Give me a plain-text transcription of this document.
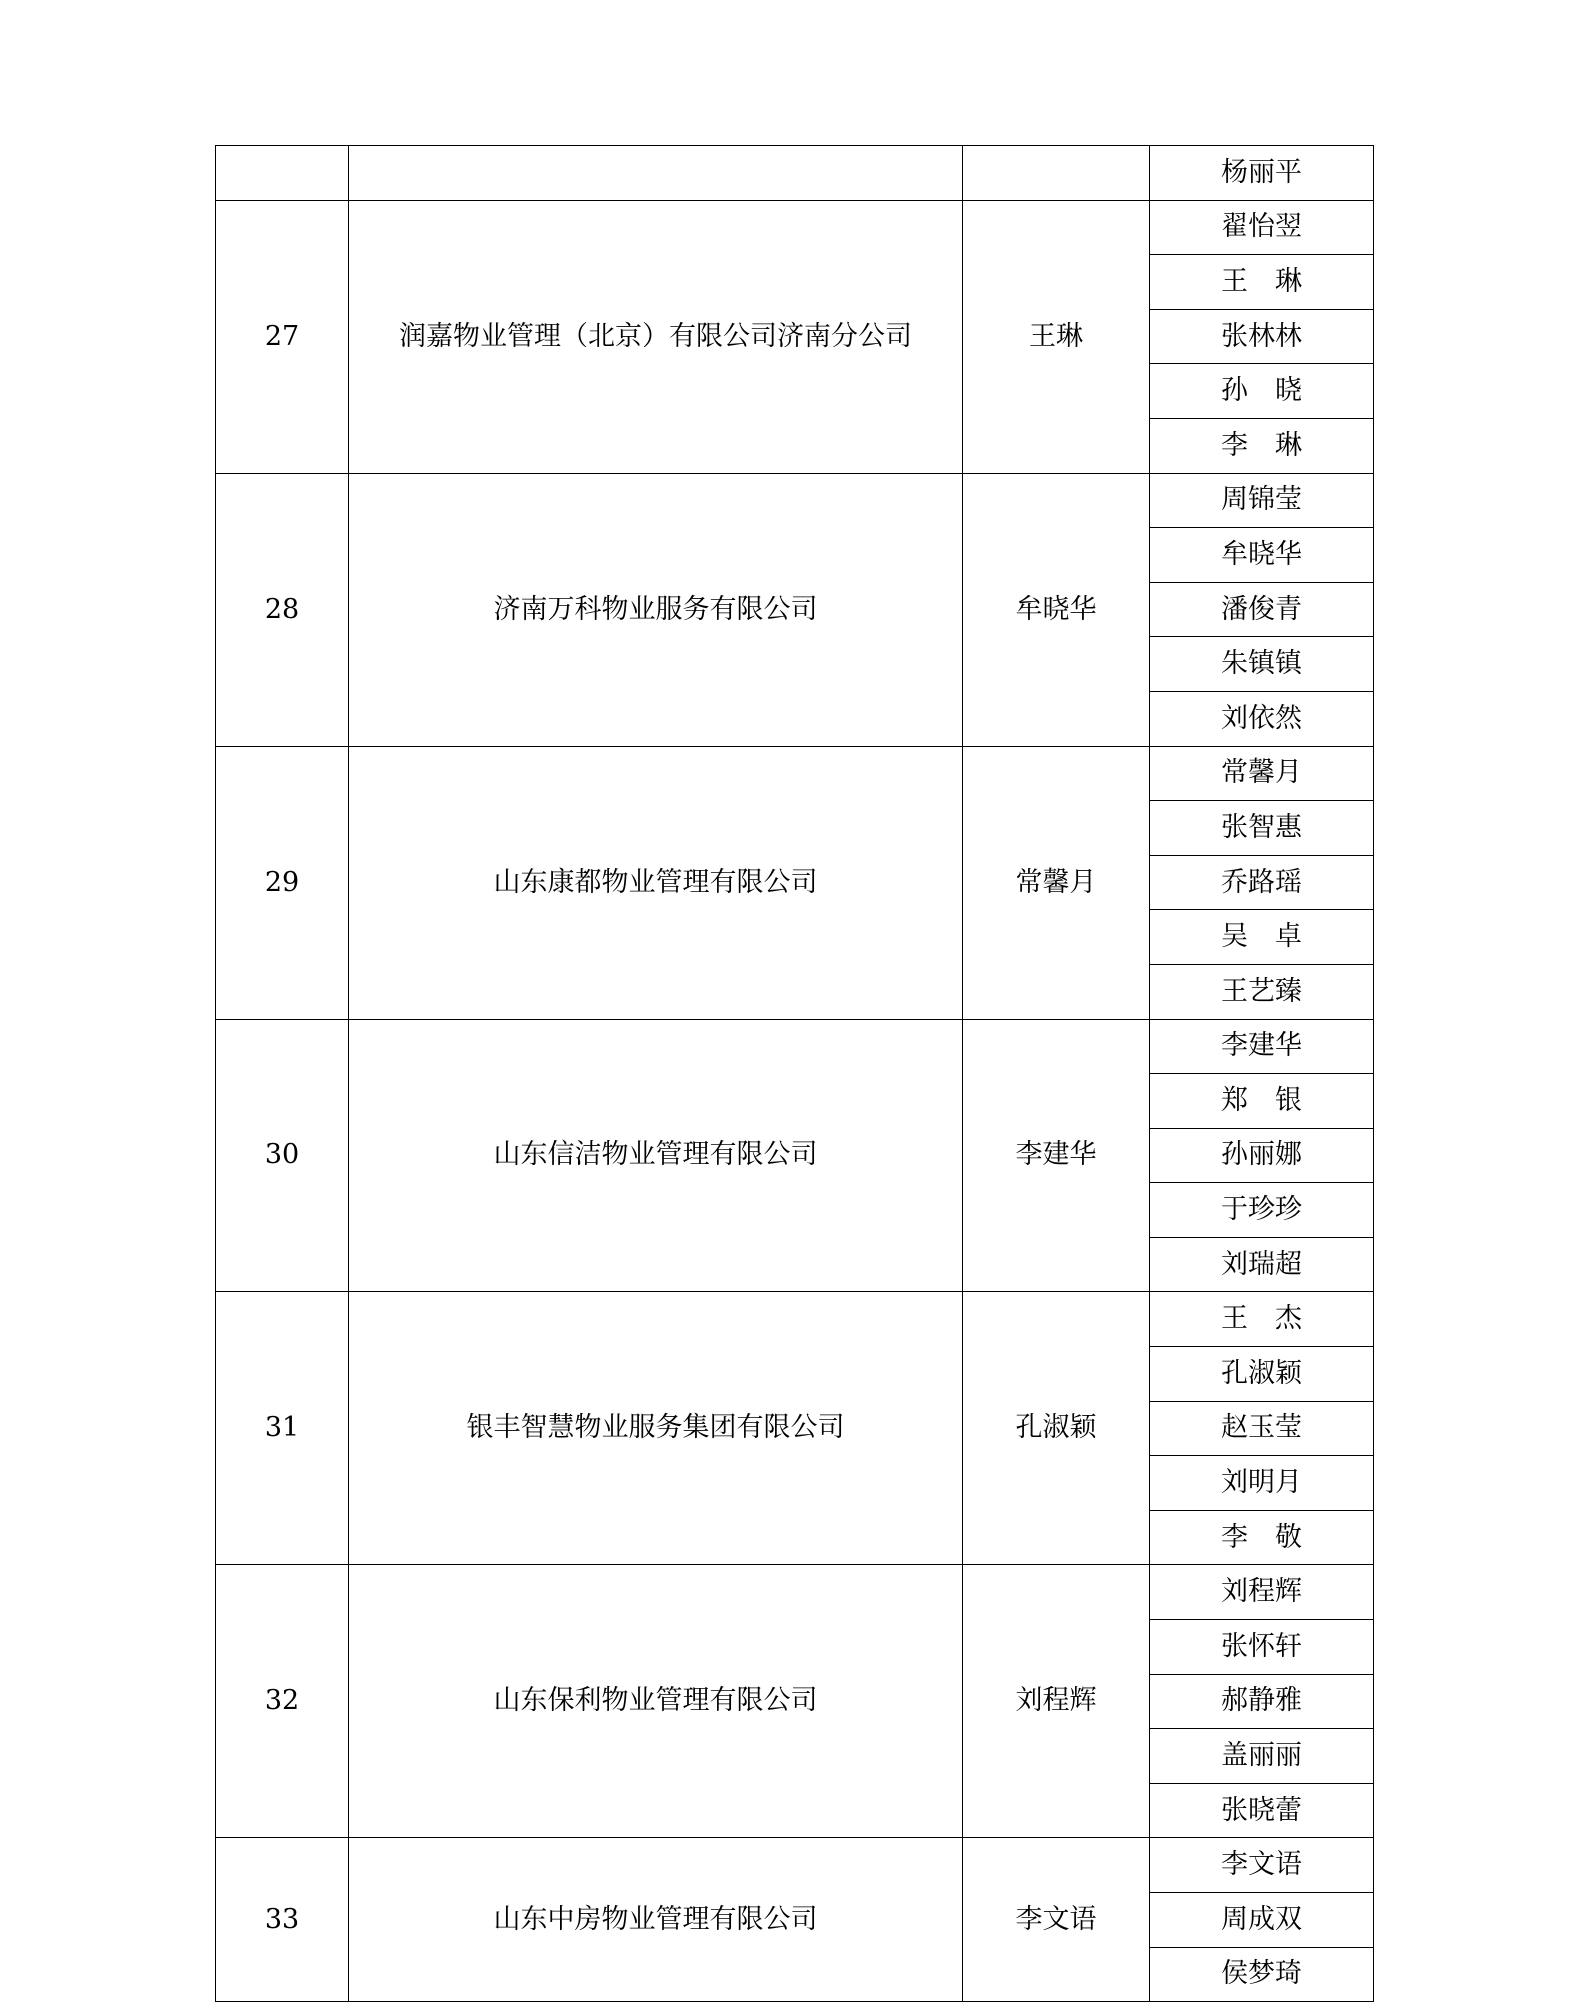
			杨丽平
27	润嘉物业管理（北京）有限公司济南分公司	王琳	翟怡翌
			王　琳
			张林林
			孙　晓
			李　琳
28	济南万科物业服务有限公司	牟晓华	周锦莹
			牟晓华
			潘俊青
			朱镇镇
			刘依然
29	山东康都物业管理有限公司	常馨月	常馨月
			张智惠
			乔路瑶
			吴　卓
			王艺臻
30	山东信洁物业管理有限公司	李建华	李建华
			郑　银
			孙丽娜
			于珍珍
			刘瑞超
31	银丰智慧物业服务集团有限公司	孔淑颖	王　杰
			孔淑颖
			赵玉莹
			刘明月
			李　敬
32	山东保利物业管理有限公司	刘程辉	刘程辉
			张怀轩
			郝静雅
			盖丽丽
			张晓蕾
33	山东中房物业管理有限公司	李文语	李文语
			周成双
			侯梦琦
